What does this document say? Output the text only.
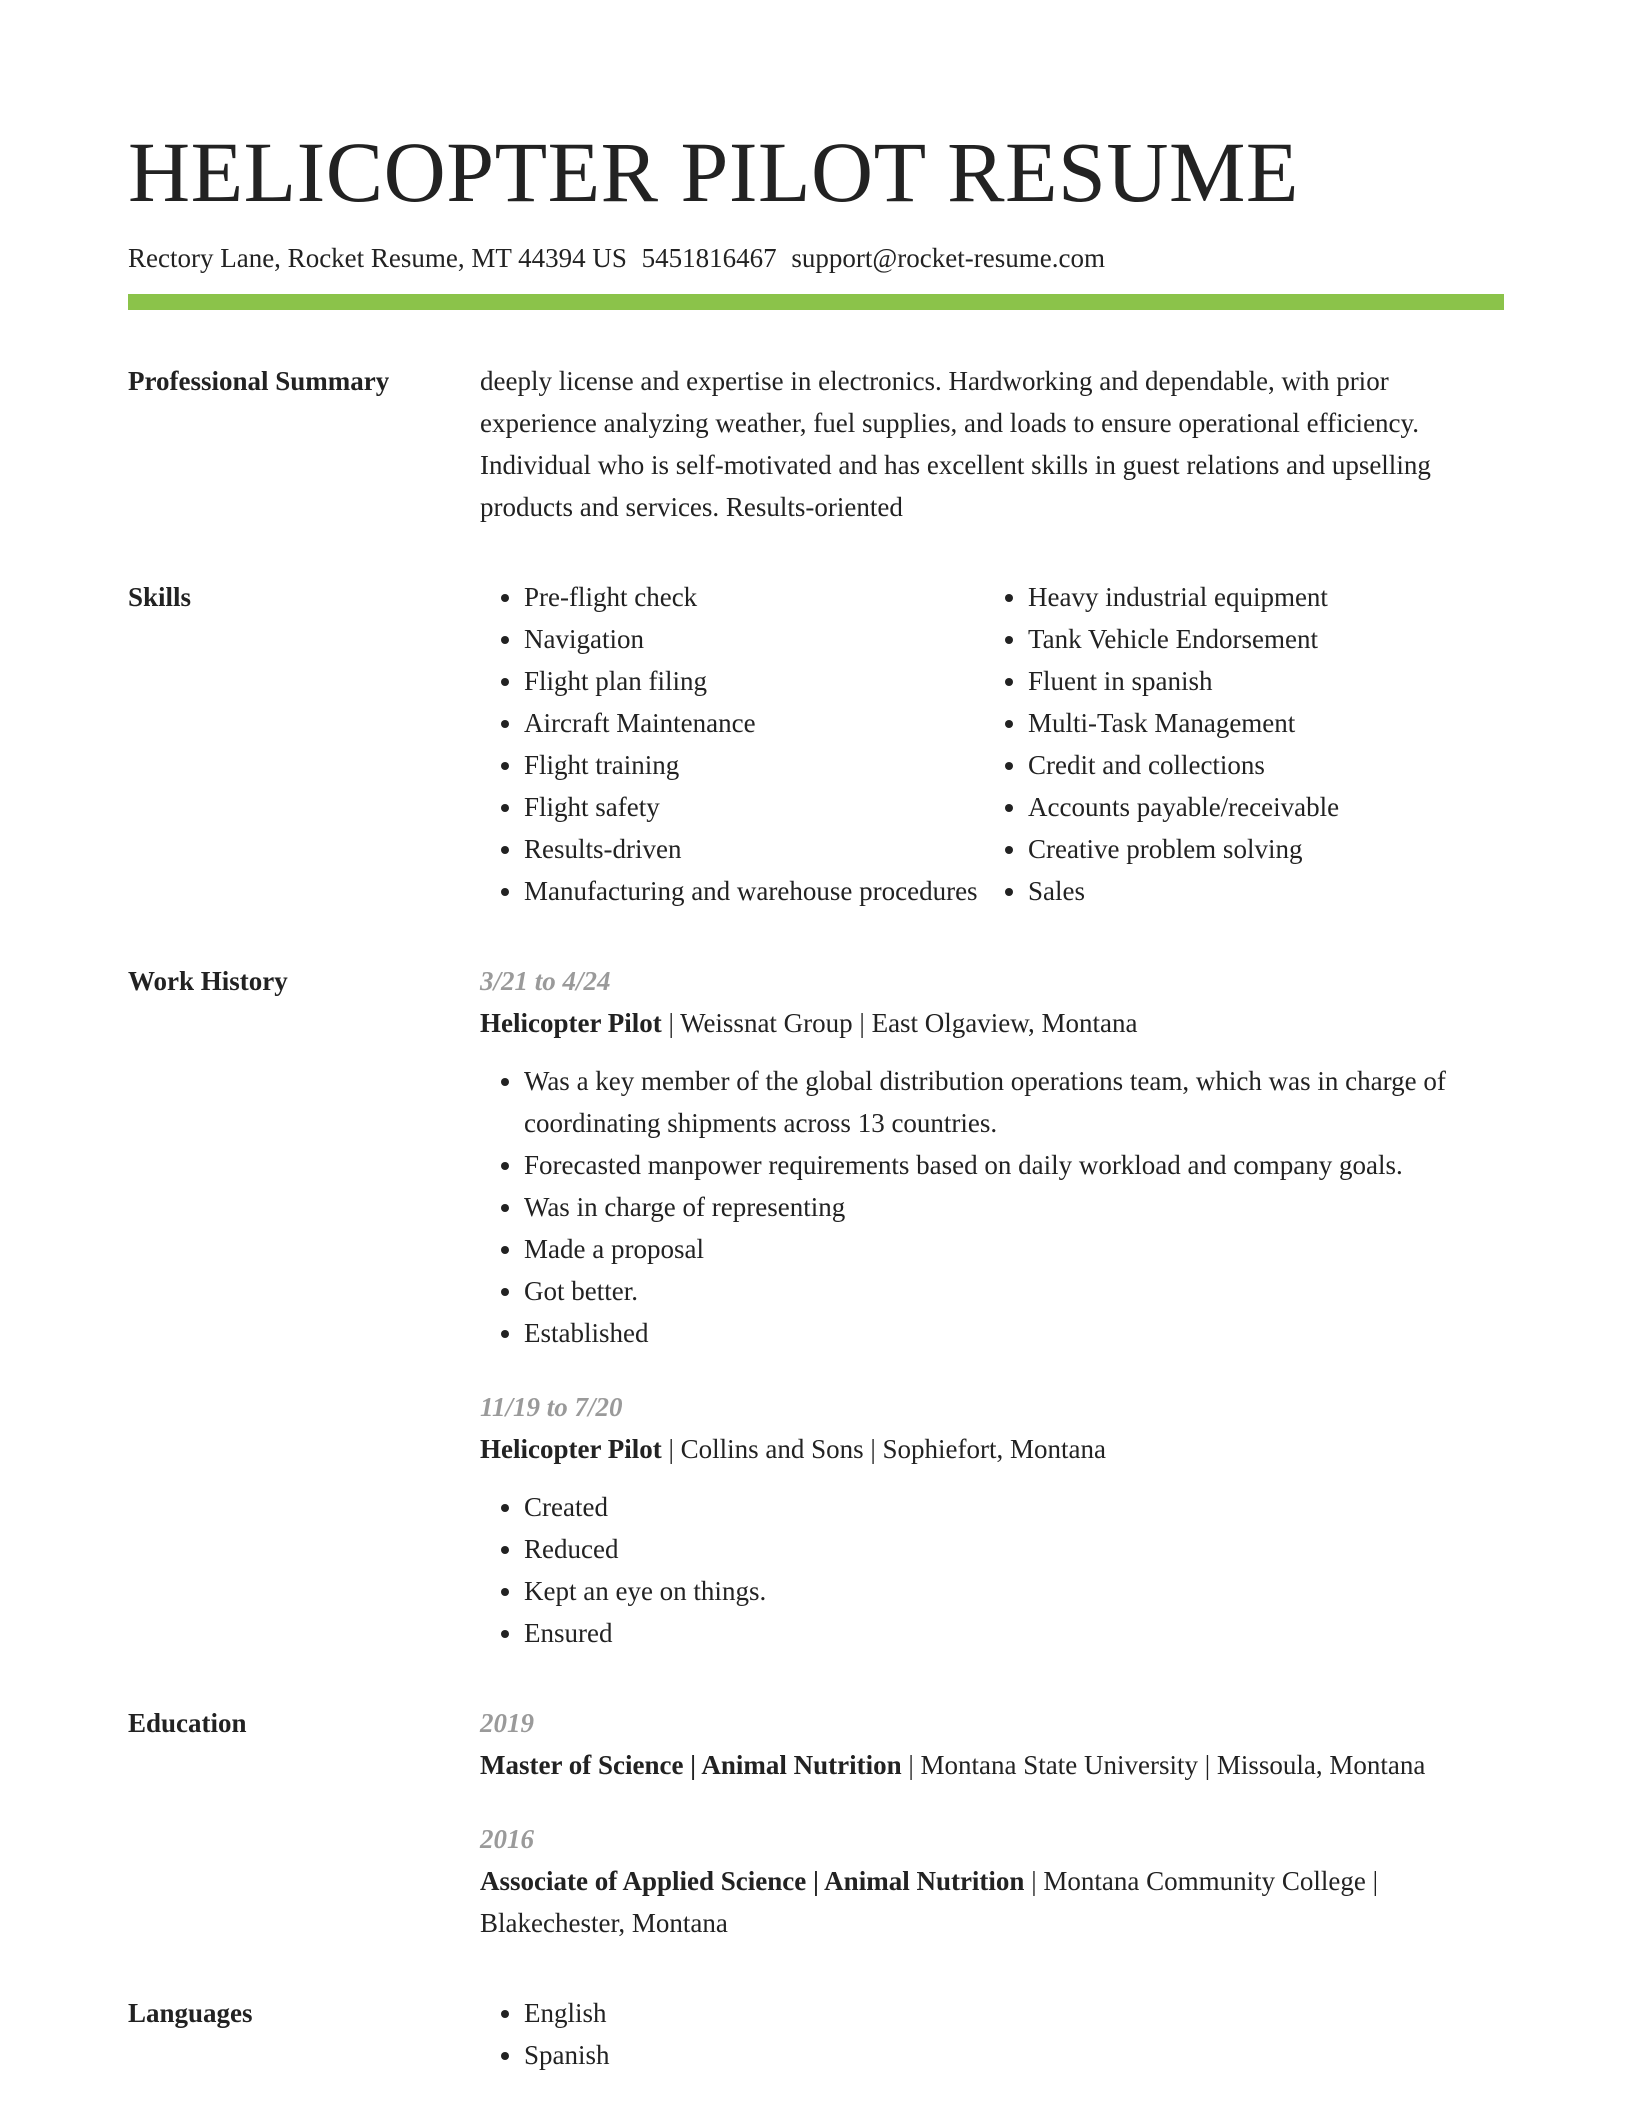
HELICOPTER PILOT RESUME
Rectory Lane, Rocket Resume, MT 44394 US 5451816467 support@rocket-resume.com
Professional Summary	deeply license and expertise in electronics. Hardworking and dependable, with prior experience analyzing weather, fuel supplies, and loads to ensure operational efficiency. Individual who is self-motivated and has excellent skills in guest relations and upselling products and services. Results-oriented

Skills	• Pre-flight check
• Navigation
• Flight plan filing
• Aircraft Maintenance
• Flight training
• Flight safety
• Results-driven
• Manufacturing and warehouse procedures
• Heavy industrial equipment
• Tank Vehicle Endorsement
• Fluent in spanish
• Multi-Task Management
• Credit and collections
• Accounts payable/receivable
• Creative problem solving
• Sales
Work History	3/21 to 4/24
Helicopter Pilot | Weissnat Group | East Olgaview, Montana
• Was a key member of the global distribution operations team, which was in charge of coordinating shipments across 13 countries.
• Forecasted manpower requirements based on daily workload and company goals.
• Was in charge of representing
• Made a proposal
• Got better.
• Established
11/19 to 7/20
Helicopter Pilot | Collins and Sons | Sophiefort, Montana
• Created
• Reduced
• Kept an eye on things.
• Ensured
Education	2019
Master of Science | Animal Nutrition | Montana State University | Missoula, Montana
2016
Associate of Applied Science | Animal Nutrition | Montana Community College | Blakechester, Montana
Languages	• English
• Spanish
